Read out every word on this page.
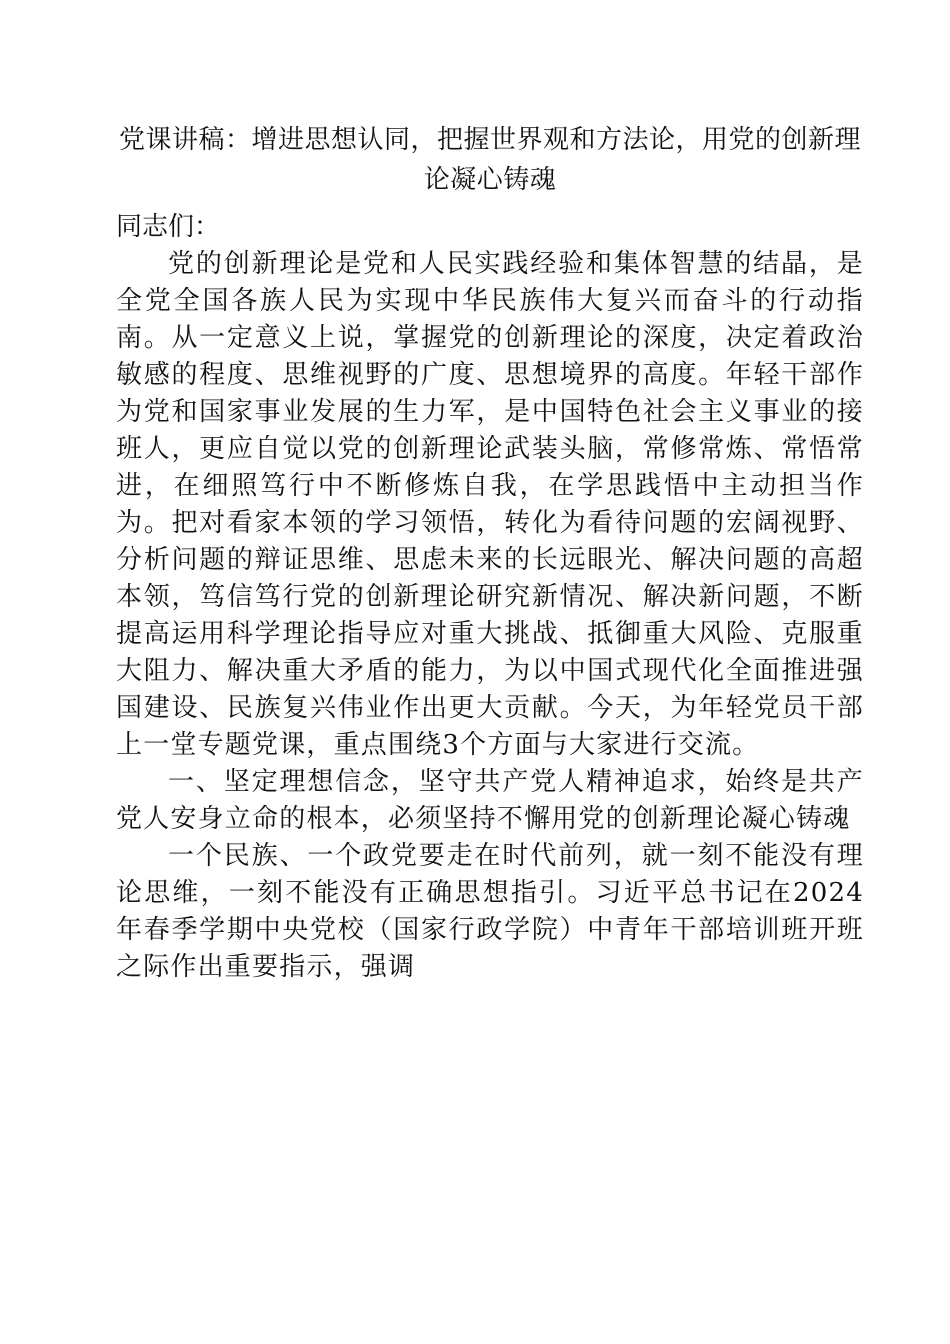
党课讲稿：增进思想认同，把握世界观和方法论，用党的创新理论凝心铸魂

同志们：

党的创新理论是党和人民实践经验和集体智慧的结晶，是全党全国各族人民为实现中华民族伟大复兴而奋斗的行动指南。从一定意义上说，掌握党的创新理论的深度，决定着政治敏感的程度、思维视野的广度、思想境界的高度。年轻干部作为党和国家事业发展的生力军，是中国特色社会主义事业的接班人，更应自觉以党的创新理论武装头脑，常修常炼、常悟常进，在细照笃行中不断修炼自我，在学思践悟中主动担当作为。把对看家本领的学习领悟，转化为看待问题的宏阔视野、分析问题的辩证思维、思虑未来的长远眼光、解决问题的高超本领，笃信笃行党的创新理论研究新情况、解决新问题，不断提高运用科学理论指导应对重大挑战、抵御重大风险、克服重大阻力、解决重大矛盾的能力，为以中国式现代化全面推进强国建设、民族复兴伟业作出更大贡献。今天，为年轻党员干部上一堂专题党课，重点围绕3个方面与大家进行交流。

一、坚定理想信念，坚守共产党人精神追求，始终是共产党人安身立命的根本，必须坚持不懈用党的创新理论凝心铸魂

一个民族、一个政党要走在时代前列，就一刻不能没有理论思维，一刻不能没有正确思想指引。习近平总书记在2024年春季学期中央党校（国家行政学院）中青年干部培训班开班之际作出重要指示，强调
